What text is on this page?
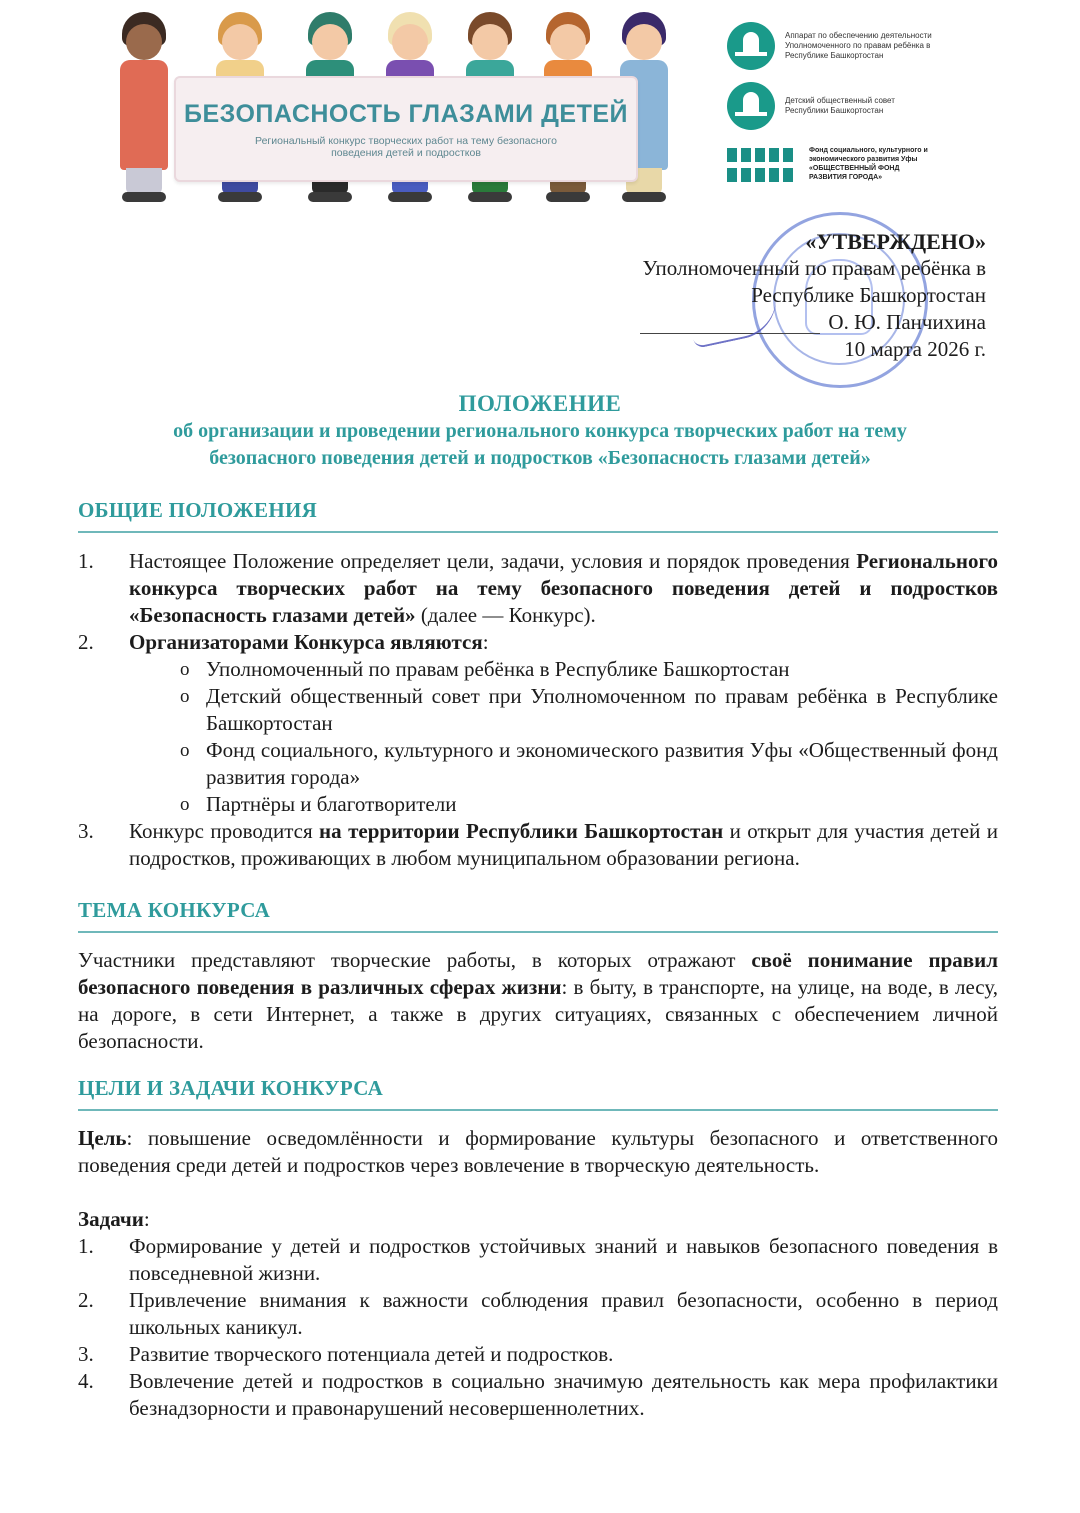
БЕЗОПАСНОСТЬ ГЛАЗАМИ ДЕТЕЙ
Региональный конкурс творческих работ на тему безопасного поведения детей и подростков
Аппарат по обеспечению деятельности Уполномоченного по правам ребёнка в Республике Башкортостан
Детский общественный совет Республики Башкортостан
Фонд социального, культурного и экономического развития Уфы «ОБЩЕСТВЕННЫЙ ФОНД РАЗВИТИЯ ГОРОДА»
«УТВЕРЖДЕНО»
Уполномоченный по правам ребёнка в
Республике Башкортостан
О. Ю. Панчихина
10 марта 2026 г.
ПОЛОЖЕНИЕ
об организации и проведении регионального конкурса творческих работ на тему
безопасного поведения детей и подростков «Безопасность глазами детей»
ОБЩИЕ ПОЛОЖЕНИЯ
1. Настоящее Положение определяет цели, задачи, условия и порядок проведения Регионального конкурса творческих работ на тему безопасного поведения детей и подростков «Безопасность глазами детей» (далее — Конкурс).
2. Организаторами Конкурса являются:
o Уполномоченный по правам ребёнка в Республике Башкортостан
o Детский общественный совет при Уполномоченном по правам ребёнка в Республике Башкортостан
o Фонд социального, культурного и экономического развития Уфы «Общественный фонд развития города»
o Партнёры и благотворители
3. Конкурс проводится на территории Республики Башкортостан и открыт для участия детей и подростков, проживающих в любом муниципальном образовании региона.
ТЕМА КОНКУРСА
Участники представляют творческие работы, в которых отражают своё понимание правил безопасного поведения в различных сферах жизни: в быту, в транспорте, на улице, на воде, в лесу, на дороге, в сети Интернет, а также в других ситуациях, связанных с обеспечением личной безопасности.
ЦЕЛИ И ЗАДАЧИ КОНКУРСА
Цель: повышение осведомлённости и формирование культуры безопасного и ответственного поведения среди детей и подростков через вовлечение в творческую деятельность.
Задачи:
1. Формирование у детей и подростков устойчивых знаний и навыков безопасного поведения в повседневной жизни.
2. Привлечение внимания к важности соблюдения правил безопасности, особенно в период школьных каникул.
3. Развитие творческого потенциала детей и подростков.
4. Вовлечение детей и подростков в социально значимую деятельность как мера профилактики безнадзорности и правонарушений несовершеннолетних.
